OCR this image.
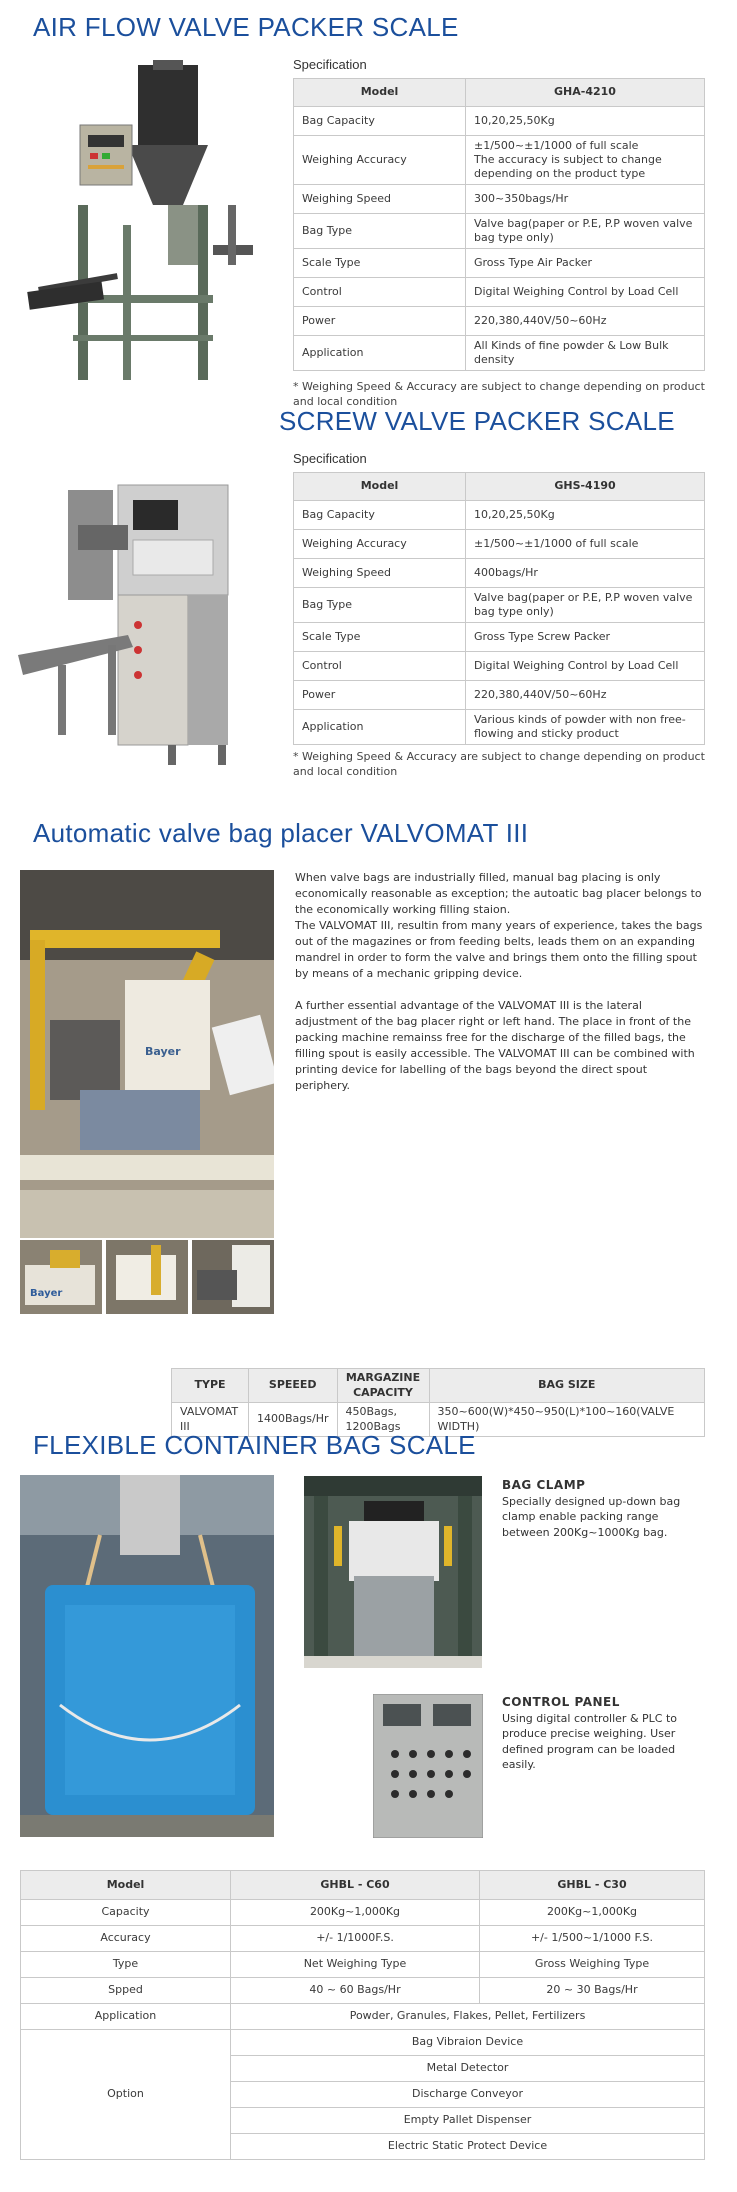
AIR FLOW VALVE PACKER SCALE
Specification
Model	GHA-4210
Bag Capacity	10,20,25,50Kg
Weighing Accuracy	±1/500~±1/1000 of full scale
The accuracy is subject to change depending on the product type
Weighing Speed	300~350bags/Hr
Bag Type	Valve bag(paper or P.E, P.P woven valve bag type only)
Scale Type	Gross Type Air Packer
Control	Digital Weighing Control by Load Cell
Power	220,380,440V/50~60Hz
Application	All Kinds of fine powder & Low Bulk density
* Weighing Speed & Accuracy are subject to change depending on product and local condition
SCREW VALVE PACKER SCALE
Specification
Model	GHS-4190
Bag Capacity	10,20,25,50Kg
Weighing Accuracy	±1/500~±1/1000 of full scale
Weighing Speed	400bags/Hr
Bag Type	Valve bag(paper or P.E, P.P woven valve bag type only)
Scale Type	Gross Type Screw Packer
Control	Digital Weighing Control by Load Cell
Power	220,380,440V/50~60Hz
Application	Various kinds of powder with non free-flowing and sticky product
* Weighing Speed & Accuracy are subject to change depending on product and local condition
Automatic valve bag placer VALVOMAT III
Bayer
Bayer
When valve bags are industrially filled, manual bag placing is only economically reasonable as exception; the autoatic bag placer belongs to the economically working filling staion.
The VALVOMAT III, resultin from many years of experience, takes the bags out of the magazines or from feeding belts, leads them on an expanding mandrel in order to form the valve and brings them onto the filling spout by means of a mechanic gripping device.
A further essential advantage of the VALVOMAT III is the lateral adjustment of the bag placer right or left hand. The place in front of the packing machine remainss free for the discharge of the filled bags, the filling spout is easily accessible. The VALVOMAT III can be combined with printing device for labelling of the bags beyond the direct spout periphery.
TYPE	SPEEED	MARGAZINE CAPACITY	BAG SIZE
VALVOMAT III	1400Bags/Hr	450Bags, 1200Bags	350~600(W)*450~950(L)*100~160(VALVE WIDTH)
FLEXIBLE CONTAINER BAG SCALE
BAG CLAMP
Specially designed up-down bag clamp enable packing range between 200Kg~1000Kg bag.
CONTROL PANEL
Using digital controller & PLC to produce precise weighing. User defined program can be loaded easily.
Model	GHBL - C60	GHBL - C30
Capacity	200Kg~1,000Kg	200Kg~1,000Kg
Accuracy	+/- 1/1000F.S.	+/- 1/500~1/1000 F.S.
Type	Net Weighing Type	Gross Weighing Type
Spped	40 ~ 60 Bags/Hr	20 ~ 30 Bags/Hr
Application	Powder, Granules, Flakes, Pellet, Fertilizers	
Option	Bag Vibraion Device	
	Metal Detector	
	Discharge Conveyor	
	Empty Pallet Dispenser	
	Electric Static Protect Device	
